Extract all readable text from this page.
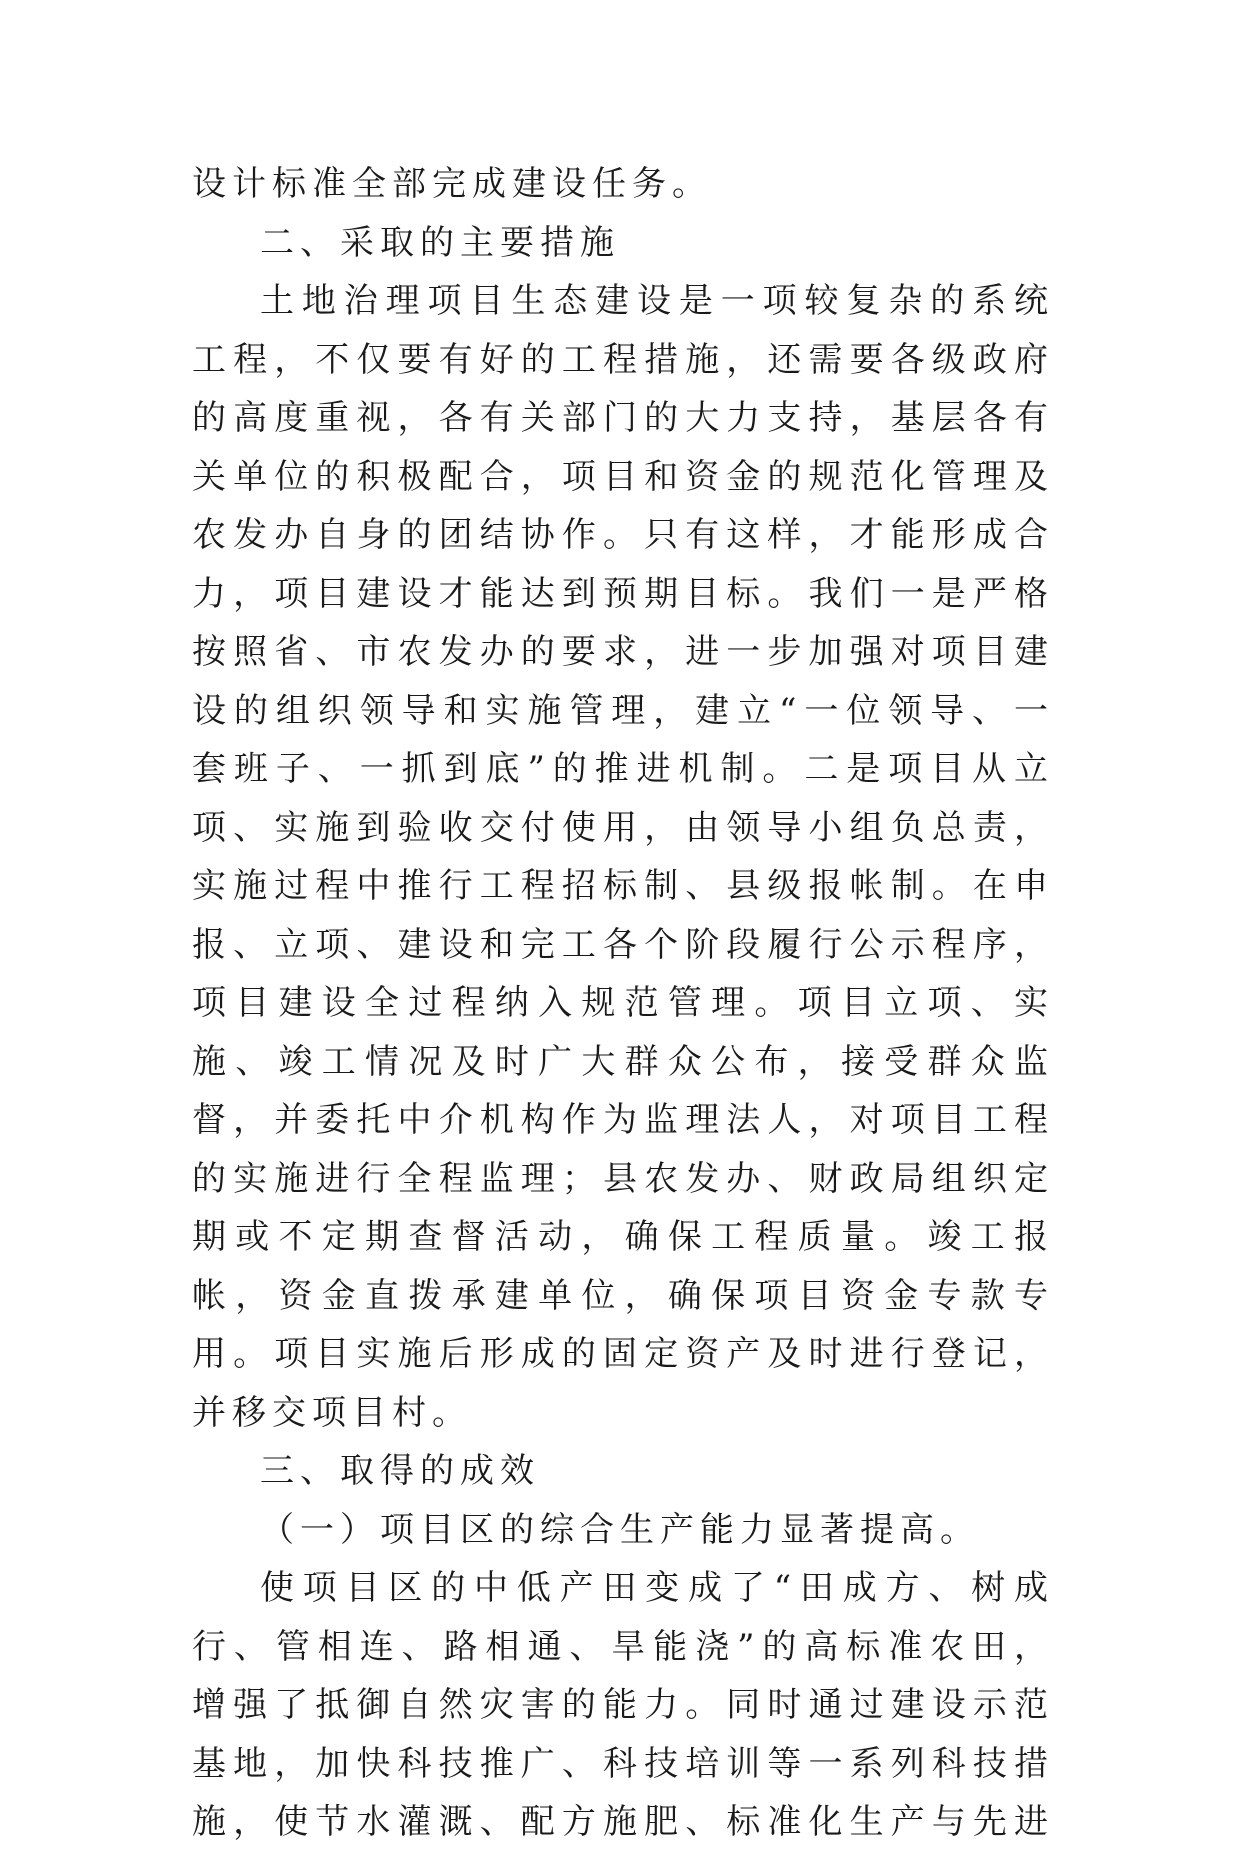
设计标准全部完成建设任务。

二、采取的主要措施

土地治理项目生态建设是一项较复杂的系统工程，不仅要有好的工程措施，还需要各级政府的高度重视，各有关部门的大力支持，基层各有关单位的积极配合，项目和资金的规范化管理及农发办自身的团结协作。只有这样，才能形成合力，项目建设才能达到预期目标。我们一是严格按照省、市农发办的要求，进一步加强对项目建设的组织领导和实施管理，建立“一位领导、一套班子、一抓到底”的推进机制。二是项目从立项、实施到验收交付使用，由领导小组负总责，实施过程中推行工程招标制、县级报帐制。在申报、立项、建设和完工各个阶段履行公示程序，项目建设全过程纳入规范管理。项目立项、实施、竣工情况及时广大群众公布，接受群众监督，并委托中介机构作为监理法人，对项目工程的实施进行全程监理；县农发办、财政局组织定期或不定期查督活动，确保工程质量。竣工报帐，资金直拨承建单位，确保项目资金专款专用。项目实施后形成的固定资产及时进行登记，并移交项目村。

三、取得的成效

（一）项目区的综合生产能力显著提高。

使项目区的中低产田变成了“田成方、树成行、管相连、路相通、旱能浇”的高标准农田，增强了抵御自然灾害的能力。同时通过建设示范基地，加快科技推广、科技培训等一系列科技措施，使节水灌溉、配方施肥、标准化生产与先进
